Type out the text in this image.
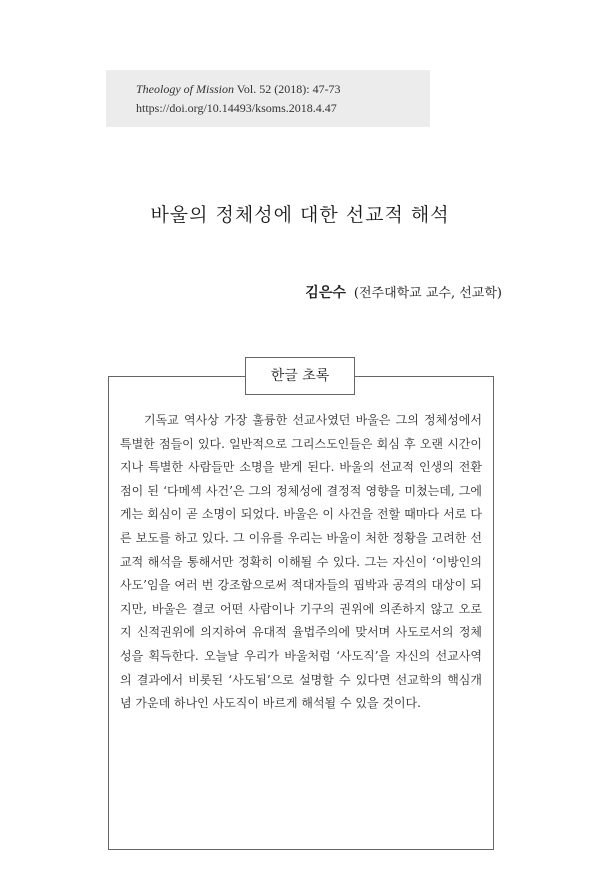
Theology of Mission Vol. 52 (2018): 47-73
https://doi.org/10.14493/ksoms.2018.4.47
바울의 정체성에 대한 선교적 해석
김은수 (전주대학교 교수, 선교학)
한글 초록

기독교 역사상 가장 훌륭한 선교사였던 바울은 그의 정체성에서 특별한 점들이 있다. 일반적으로 그리스도인들은 회심 후 오랜 시간이 지나 특별한 사람들만 소명을 받게 된다. 바울의 선교적 인생의 전환점이 된 ‘다메섹 사건’은 그의 정체성에 결정적 영향을 미쳤는데, 그에게는 회심이 곧 소명이 되었다. 바울은 이 사건을 전할 때마다 서로 다른 보도를 하고 있다. 그 이유를 우리는 바울이 처한 정황을 고려한 선교적 해석을 통해서만 정확히 이해될 수 있다. 그는 자신이 ‘이방인의 사도’임을 여러 번 강조함으로써 적대자들의 핍박과 공격의 대상이 되지만, 바울은 결코 어떤 사람이나 기구의 권위에 의존하지 않고 오로지 신적권위에 의지하여 유대적 율법주의에 맞서며 사도로서의 정체성을 획득한다. 오늘날 우리가 바울처럼 ‘사도직’을 자신의 선교사역의 결과에서 비롯된 ‘사도됨’으로 설명할 수 있다면 선교학의 핵심개념 가운데 하나인 사도직이 바르게 해석될 수 있을 것이다.
